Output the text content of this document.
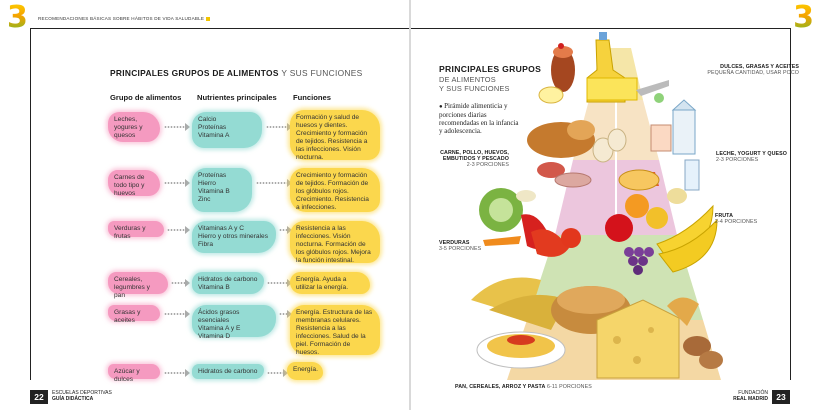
3 RECOMENDACIONES BÁSICAS SOBRE HÁBITOS DE VIDA SALUDABLE
PRINCIPALES GRUPOS DE ALIMENTOS Y SUS FUNCIONES
Grupo de alimentos Nutrientes principales Funciones
Leches, yogures y quesos
Calcio
Proteínas
Vitamina A
Formación y salud de huesos y dientes. Crecimiento y formación de tejidos. Resistencia a las infecciones. Visión nocturna.
Carnes de todo tipo y huevos
Proteínas
Hierro
Vitamina B
Zinc
Crecimiento y formación de tejidos. Formación de los glóbulos rojos. Crecimiento. Resistencia a infecciones.
Verduras y frutas
Vitaminas A y C
Hierro y otros minerales
Fibra
Resistencia a las infecciones. Visión nocturna. Formación de los glóbulos rojos. Mejora la función intestinal.
Cereales, legumbres y pan
Hidratos de carbono
Vitamina B
Energía. Ayuda a utilizar la energía.
Grasas y aceites
Ácidos grasos esenciales
Vitamina A y E
Vitamina D
Energía. Estructura de las membranas celulares. Resistencia a las infecciones. Salud de la piel. Formación de huesos.
Azúcar y dulces
Hidratos de carbono	Energía.
22	ESCUELAS DEPORTIVAS
GUÍA DIDÁCTICA
3
PRINCIPALES GRUPOS
DE ALIMENTOS
Y SUS FUNCIONES
● Pirámide alimenticia y porciones diarias recomendadas en la infancia y adolescencia.
DULCES, GRASAS Y ACEITES
PEQUEÑA CANTIDAD, USAR POCO
CARNE, POLLO, HUEVOS, EMBUTIDOS Y PESCADO
2-3 PORCIONES
LECHE, YOGURT Y QUESO
2-3 PORCIONES
FRUTA
2-4 PORCIONES
VERDURAS
3-5 PORCIONES
PAN, CEREALES, ARROZ Y PASTA 6-11 PORCIONES
FUNDACIÓN
REAL MADRID 23
